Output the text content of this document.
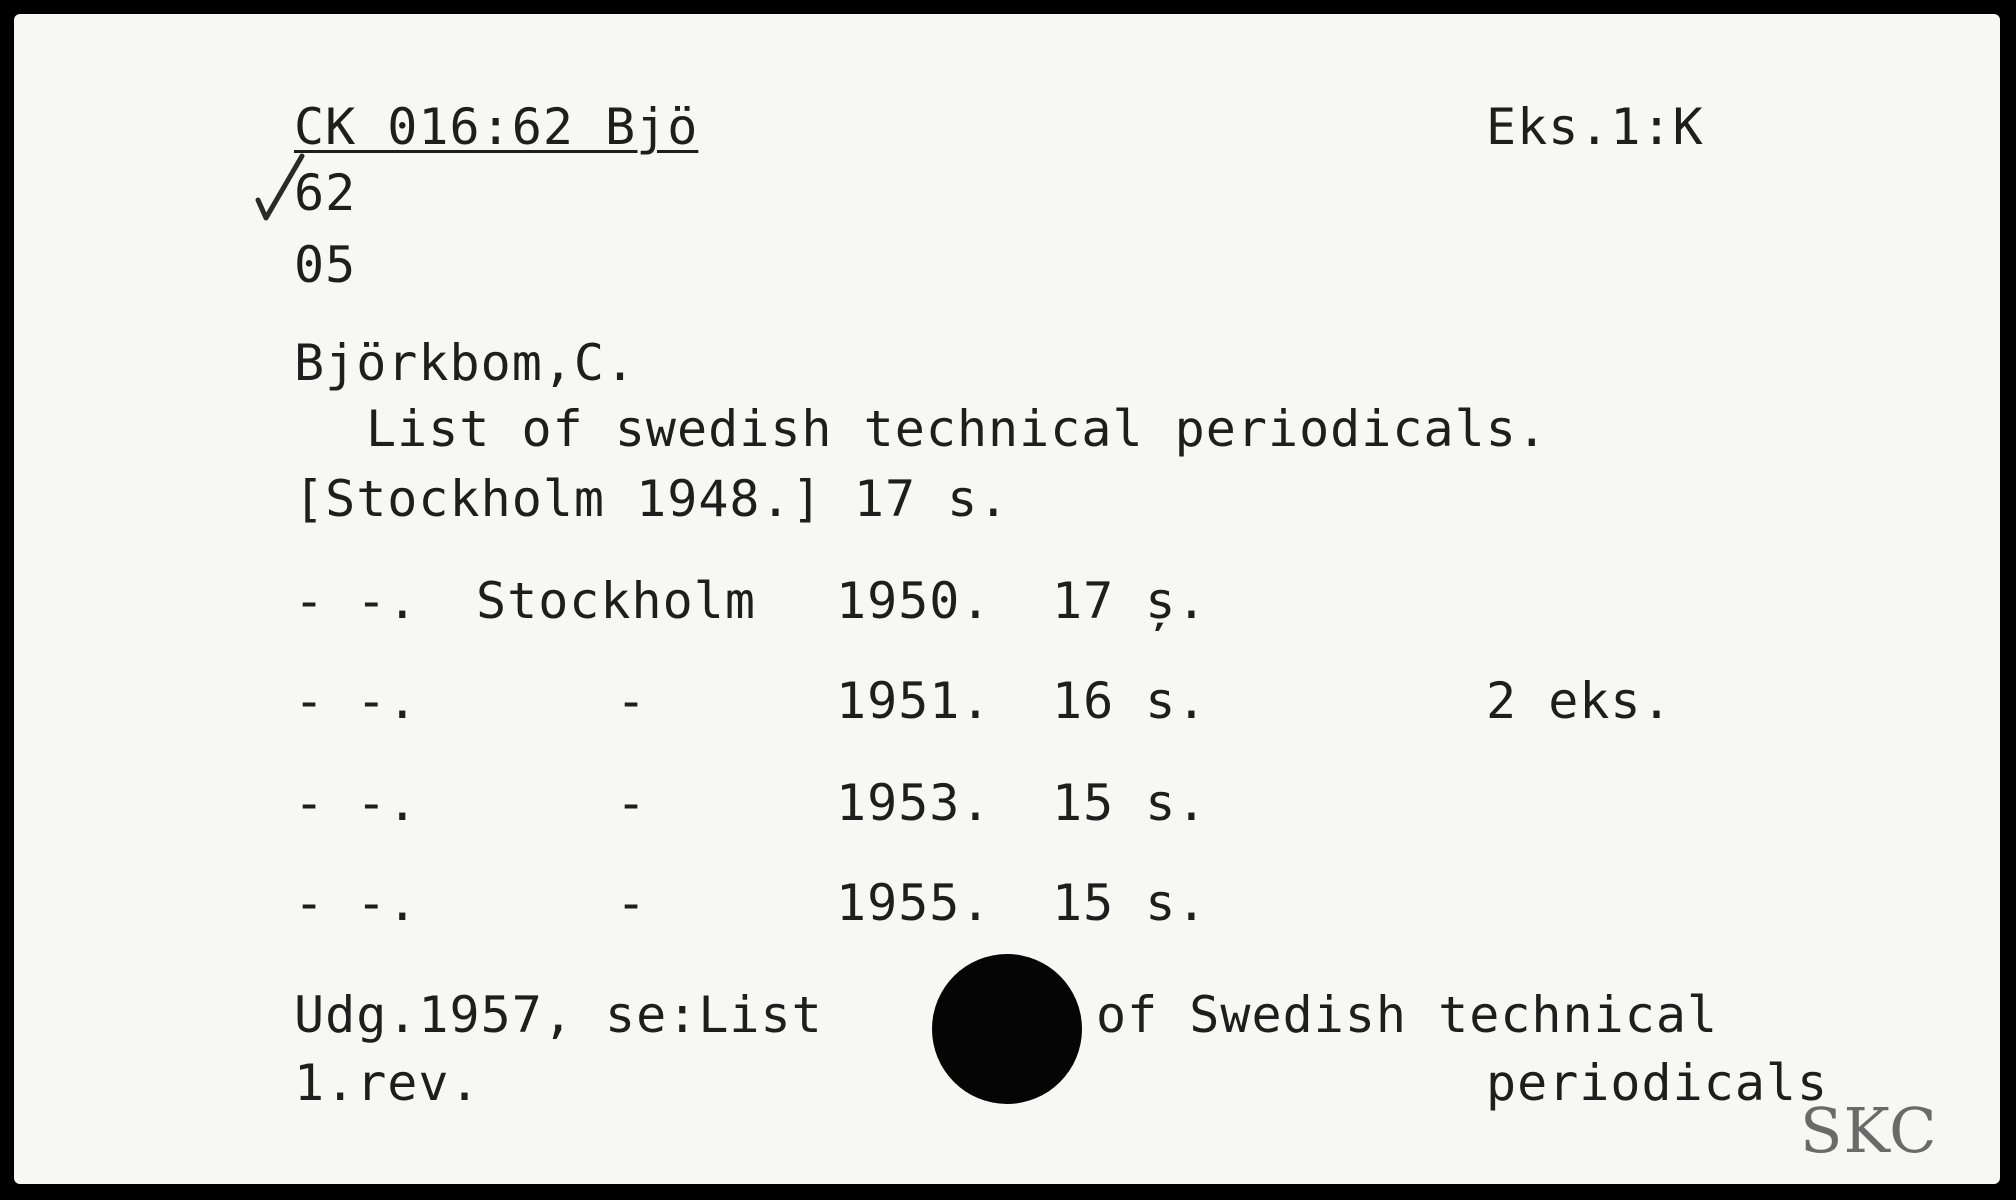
CK 016:62 Bjö	Eks.1:K
62
05
Björkbom,C.
List of swedish technical periodicals.
[Stockholm 1948.] 17 s.
- -. Stockholm 1950. 17 ș.
- -.	-	1951. 16 s.	2 eks.
- -.	-	1953. 15 s.
- -.	-	1955. 15 s.
Udg.1957, se:List	of Swedish technical
1.rev.	periodicals
SKC
